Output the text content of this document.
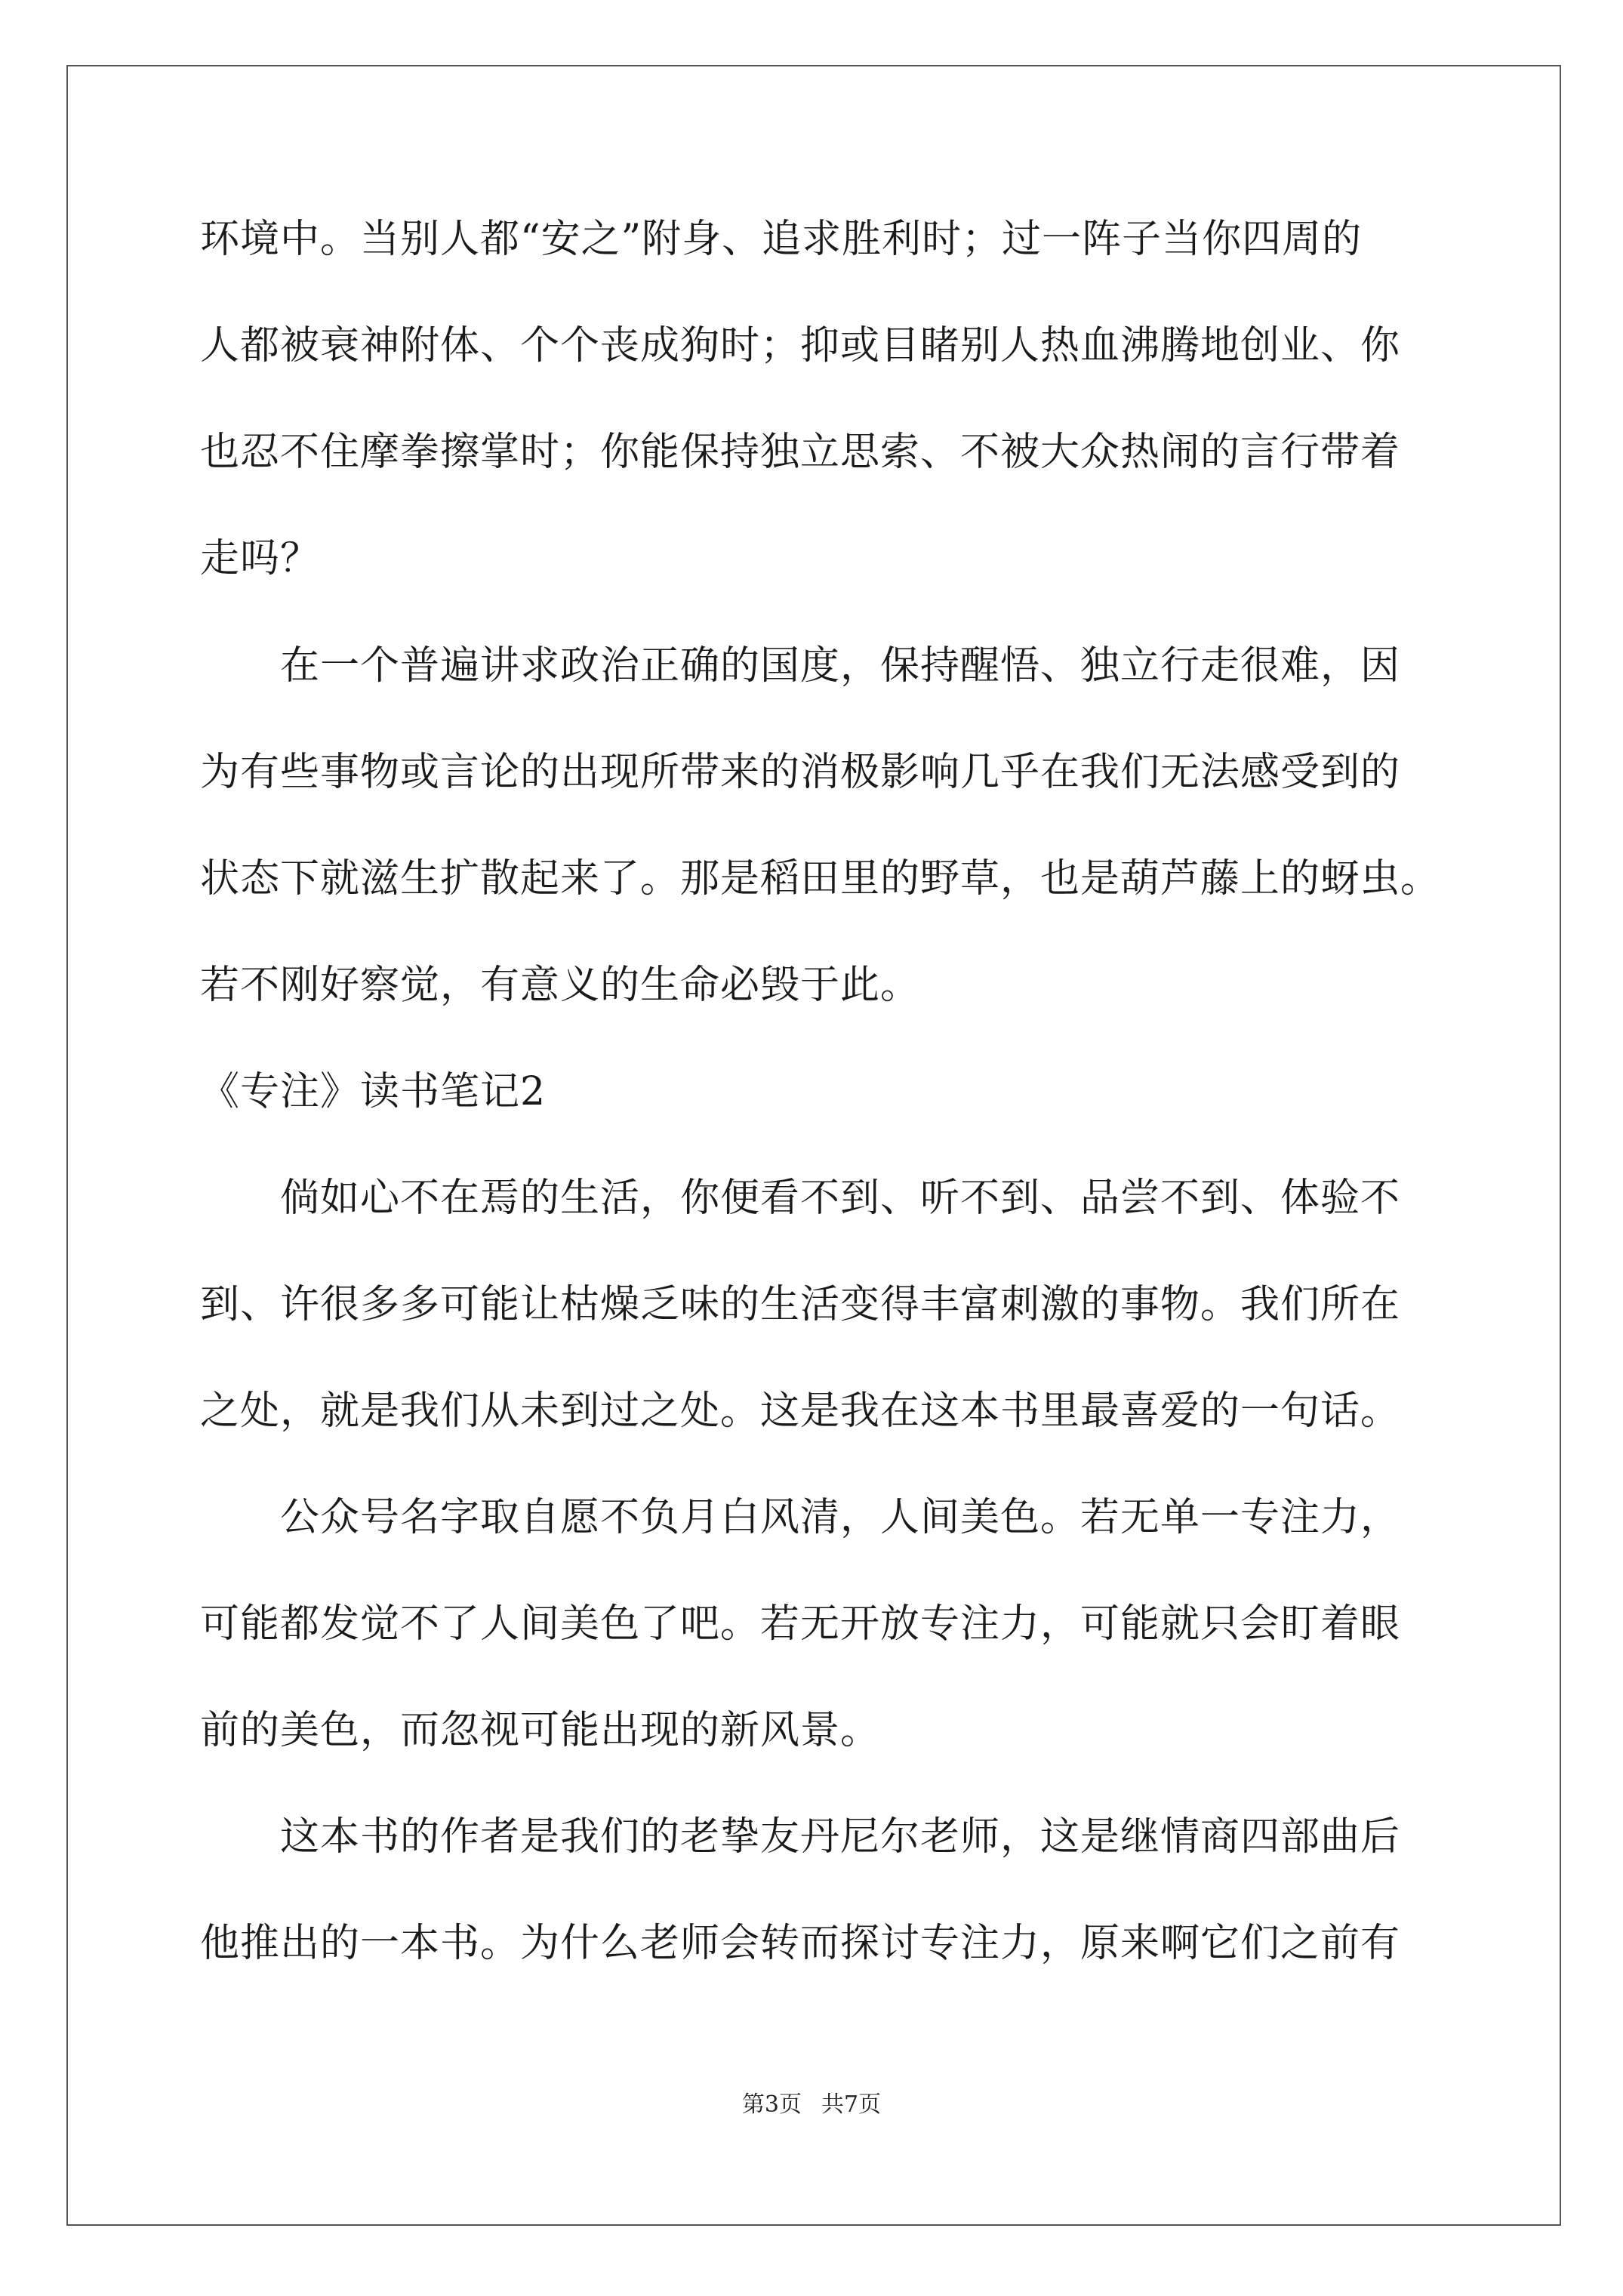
环境中。当别人都“安之”附身、追求胜利时；过一阵子当你四周的
人都被衰神附体、个个丧成狗时；抑或目睹别人热血沸腾地创业、你
也忍不住摩拳擦掌时；你能保持独立思索、不被大众热闹的言行带着
走吗？
在一个普遍讲求政治正确的国度，保持醒悟、独立行走很难，因
为有些事物或言论的出现所带来的消极影响几乎在我们无法感受到的
状态下就滋生扩散起来了。那是稻田里的野草，也是葫芦藤上的蚜虫。
若不刚好察觉，有意义的生命必毁于此。
《专注》读书笔记2
倘如心不在焉的生活，你便看不到、听不到、品尝不到、体验不
到、许很多多可能让枯燥乏味的生活变得丰富刺激的事物。我们所在
之处，就是我们从未到过之处。这是我在这本书里最喜爱的一句话。
公众号名字取自愿不负月白风清，人间美色。若无单一专注力，
可能都发觉不了人间美色了吧。若无开放专注力，可能就只会盯着眼
前的美色，而忽视可能出现的新风景。
这本书的作者是我们的老挚友丹尼尔老师，这是继情商四部曲后
他推出的一本书。为什么老师会转而探讨专注力，原来啊它们之前有
第3页 共7页
